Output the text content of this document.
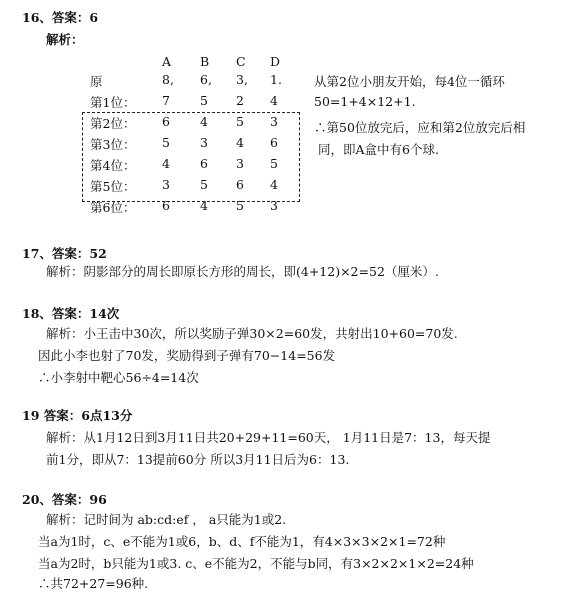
16、答案：6
解析：
A B C D
原	8, 6, 3, 1.
第1位： 7 5 2 4
第2位： 6 4 5 3
第3位： 5 3 4 6
第4位： 4 6 3 5
第5位： 3 5 6 4
第6位： 6 4 5 3
从第2位小朋友开始，每4位一循环
50=1+4×12+1.
∴第50位放完后，应和第2位放完后相
同，即A盒中有6个球.
17、答案：52
解析：阴影部分的周长即原长方形的周长，即(4+12)×2=52（厘米）.
18、答案：14次
解析：小王击中30次，所以奖励子弹30×2=60发，共射出10+60=70发.
因此小李也射了70发，奖励得到子弹有70−14=56发
∴小李射中靶心56÷4=14次
19 答案：6点13分
解析：从1月12日到3月11日共20+29+11=60天， 1月11日是7：13，每天提
前1分，即从7：13提前60分 所以3月11日后为6：13.
20、答案：96
解析：记时间为 ab:cd:ef ， a只能为1或2.
当a为1时，c、e不能为1或6，b、d、f不能为1，有4×3×3×2×1=72种
当a为2时，b只能为1或3. c、e不能为2，不能与b同，有3×2×2×1×2=24种
∴共72+27=96种.
